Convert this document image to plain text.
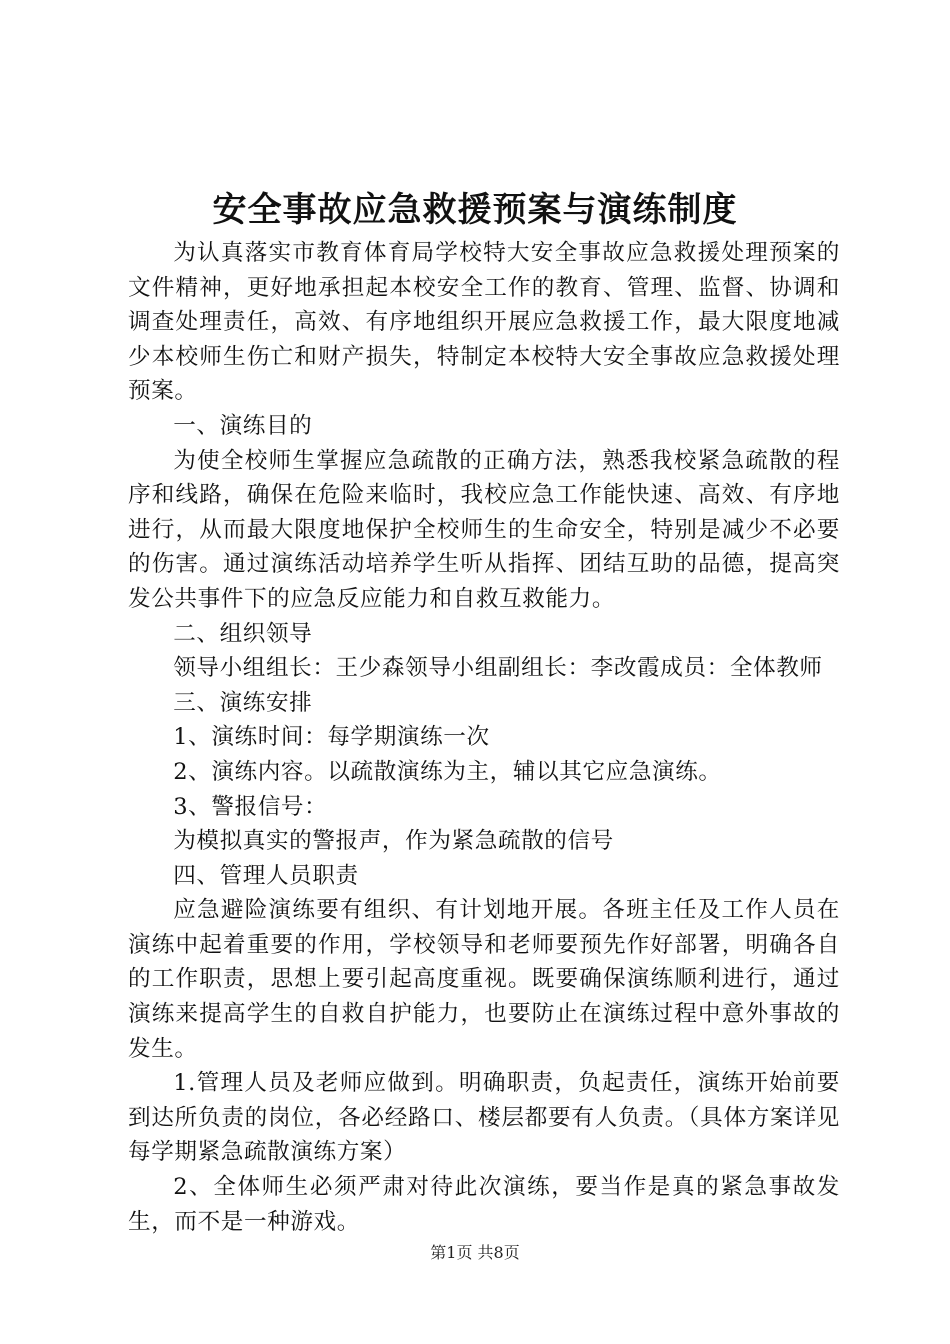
安全事故应急救援预案与演练制度

为认真落实市教育体育局学校特大安全事故应急救援处理预案的文件精神，更好地承担起本校安全工作的教育、管理、监督、协调和调查处理责任，高效、有序地组织开展应急救援工作，最大限度地减少本校师生伤亡和财产损失，特制定本校特大安全事故应急救援处理预案。

一、演练目的

为使全校师生掌握应急疏散的正确方法，熟悉我校紧急疏散的程序和线路，确保在危险来临时，我校应急工作能快速、高效、有序地进行，从而最大限度地保护全校师生的生命安全，特别是减少不必要的伤害。通过演练活动培养学生听从指挥、团结互助的品德，提高突发公共事件下的应急反应能力和自救互救能力。

二、组织领导

领导小组组长：王少森领导小组副组长：李改霞成员：全体教师

三、演练安排

1、演练时间：每学期演练一次

2、演练内容。以疏散演练为主，辅以其它应急演练。

3、警报信号：

为模拟真实的警报声，作为紧急疏散的信号

四、管理人员职责

应急避险演练要有组织、有计划地开展。各班主任及工作人员在演练中起着重要的作用，学校领导和老师要预先作好部署，明确各自的工作职责，思想上要引起高度重视。既要确保演练顺利进行，通过演练来提高学生的自救自护能力，也要防止在演练过程中意外事故的发生。

1.管理人员及老师应做到。明确职责，负起责任，演练开始前要到达所负责的岗位，各必经路口、楼层都要有人负责。（具体方案详见每学期紧急疏散演练方案）

2、全体师生必须严肃对待此次演练，要当作是真的紧急事故发生，而不是一种游戏。

第1页 共8页
